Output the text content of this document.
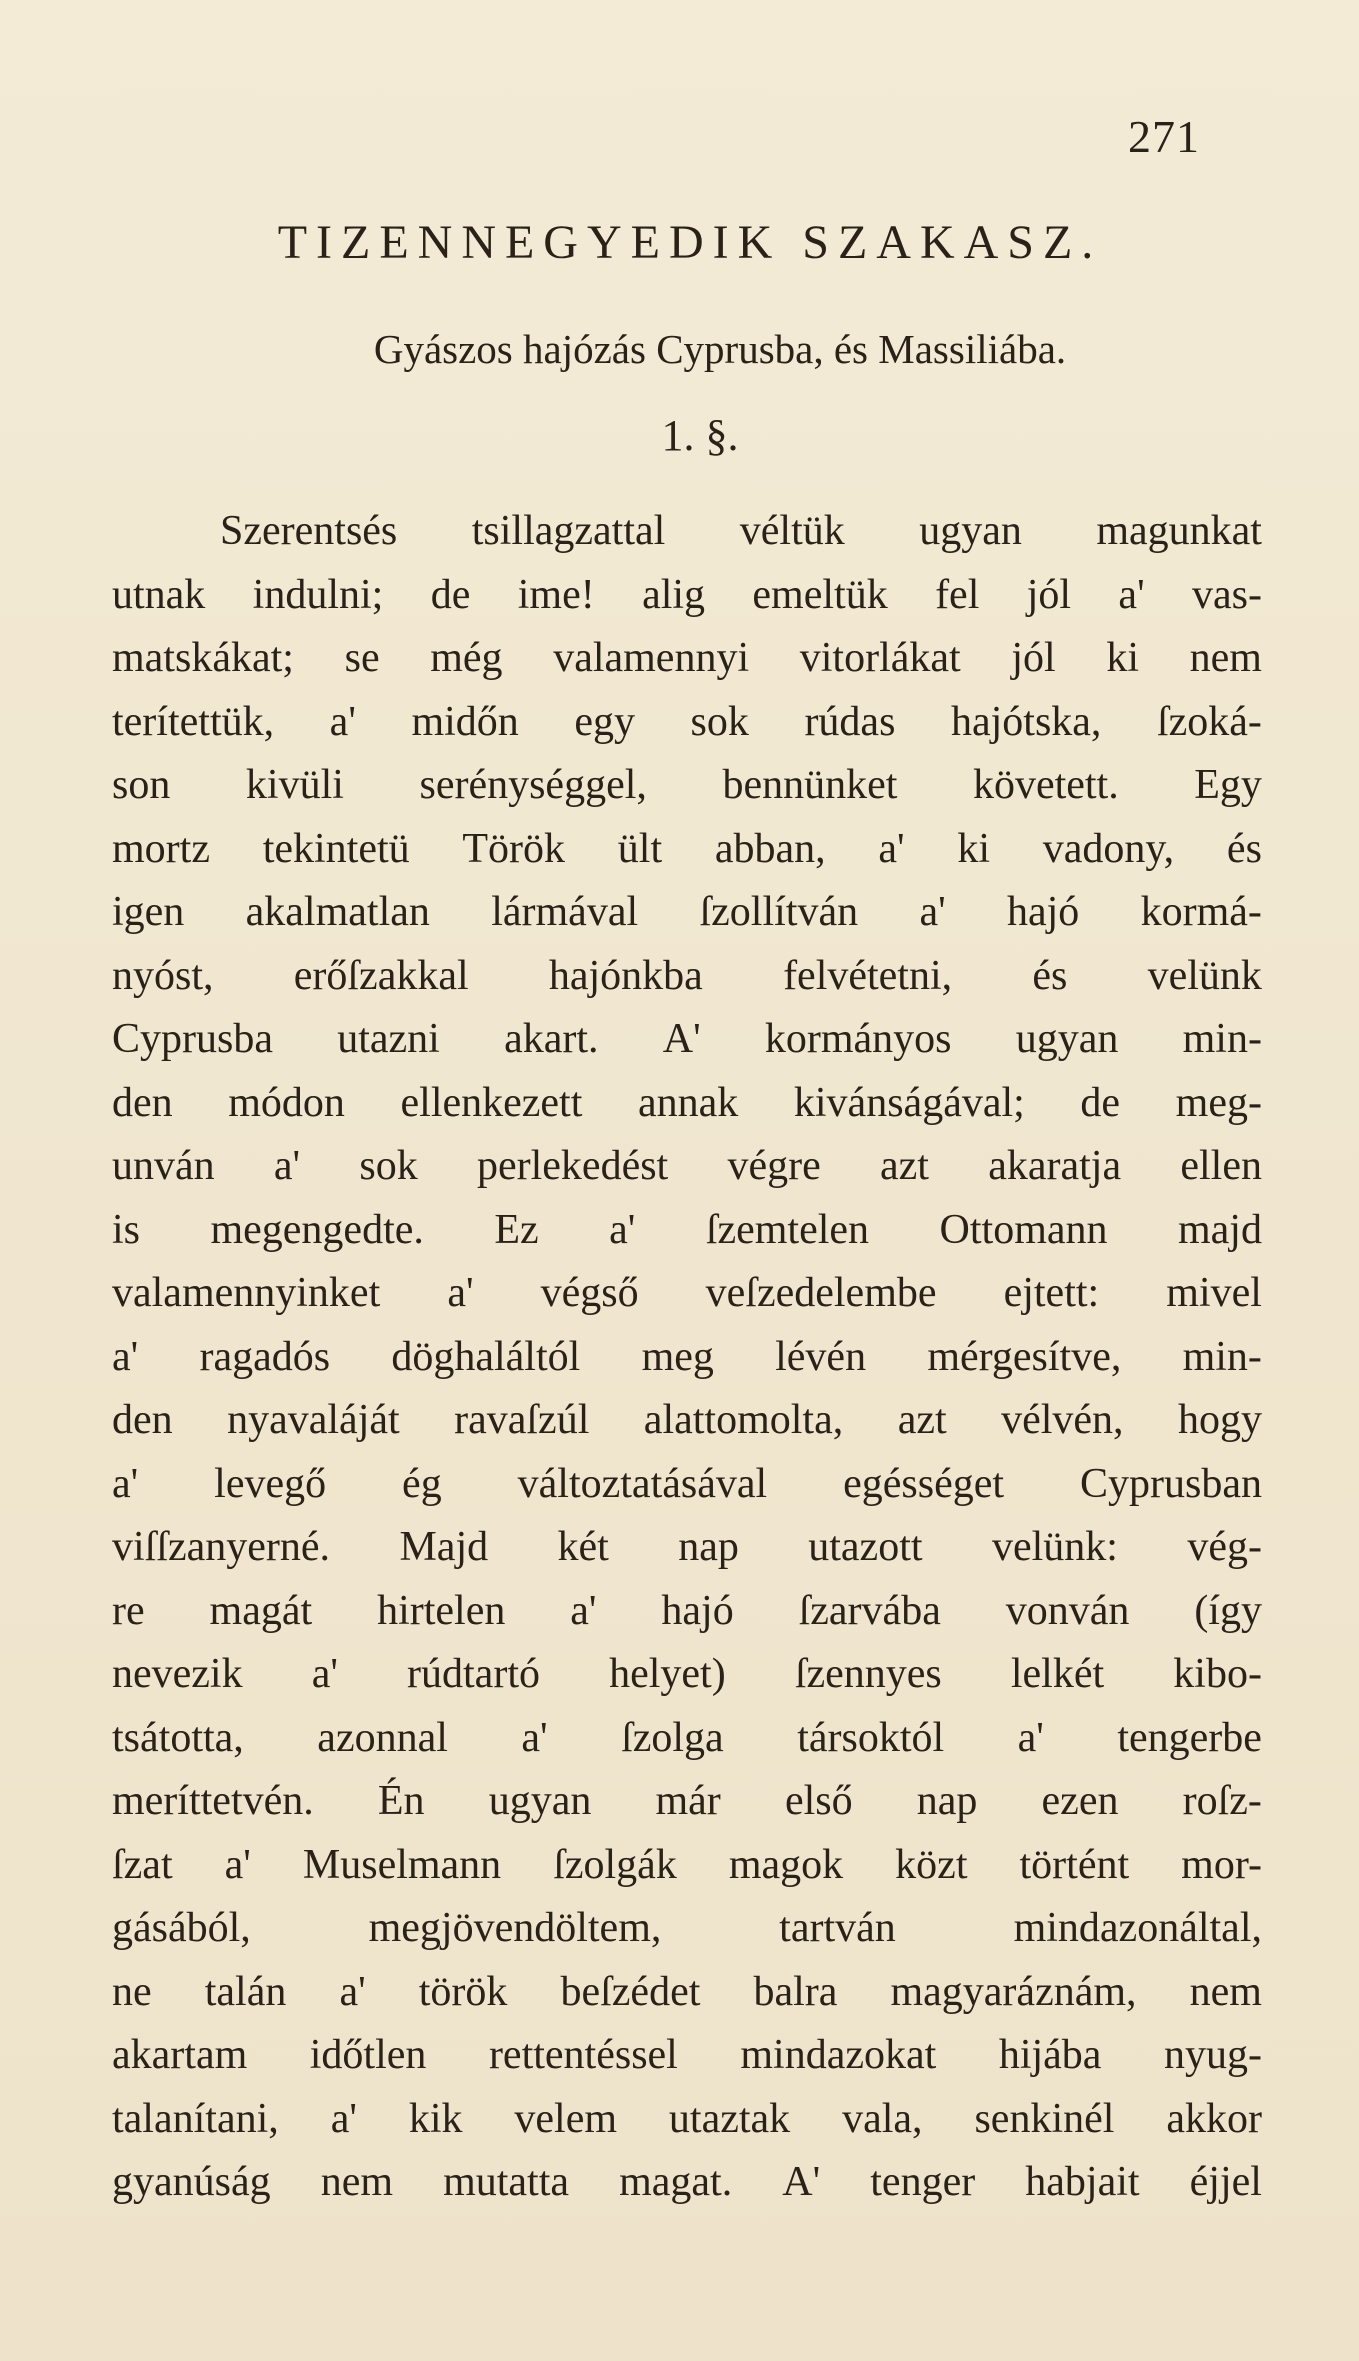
271
TIZENNEGYEDIK SZAKASZ.
Gyászos hajózás Cyprusba, és Massiliába.
1. §.
Szerentsés tsillagzattal véltük ugyan magunkat
utnak indulni; de ime! alig emeltük fel jól a' vas-
matskákat; se még valamennyi vitorlákat jól ki nem
terítettük, a' midőn egy sok rúdas hajótska, ſzoká-
son kivüli serénységgel, bennünket követett. Egy
mortz tekintetü Török ült abban, a' ki vadony, és
igen akalmatlan lármával ſzollítván a' hajó kormá-
nyóst, erőſzakkal hajónkba felvétetni, és velünk
Cyprusba utazni akart. A' kormányos ugyan min-
den módon ellenkezett annak kivánságával; de meg-
unván a' sok perlekedést végre azt akaratja ellen
is megengedte. Ez a' ſzemtelen Ottomann majd
valamennyinket a' végső veſzedelembe ejtett: mivel
a' ragadós döghaláltól meg lévén mérgesítve, min-
den nyavaláját ravaſzúl alattomolta, azt vélvén, hogy
a' levegő ég változtatásával egésséget Cyprusban
viſſzanyerné. Majd két nap utazott velünk: vég-
re magát hirtelen a' hajó ſzarvába vonván (így
nevezik a' rúdtartó helyet) ſzennyes lelkét kibo-
tsátotta, azonnal a' ſzolga társoktól a' tengerbe
meríttetvén. Én ugyan már első nap ezen roſz-
ſzat a' Muselmann ſzolgák magok közt történt mor-
gásából,	megjövendöltem,	tartván	mindazonáltal,
ne talán a' török beſzédet balra magyaráznám, nem
akartam időtlen rettentéssel mindazokat hijába nyug-
talanítani, a' kik velem utaztak vala, senkinél akkor
gyanúság nem mutatta magat. A' tenger habjait éjjel
